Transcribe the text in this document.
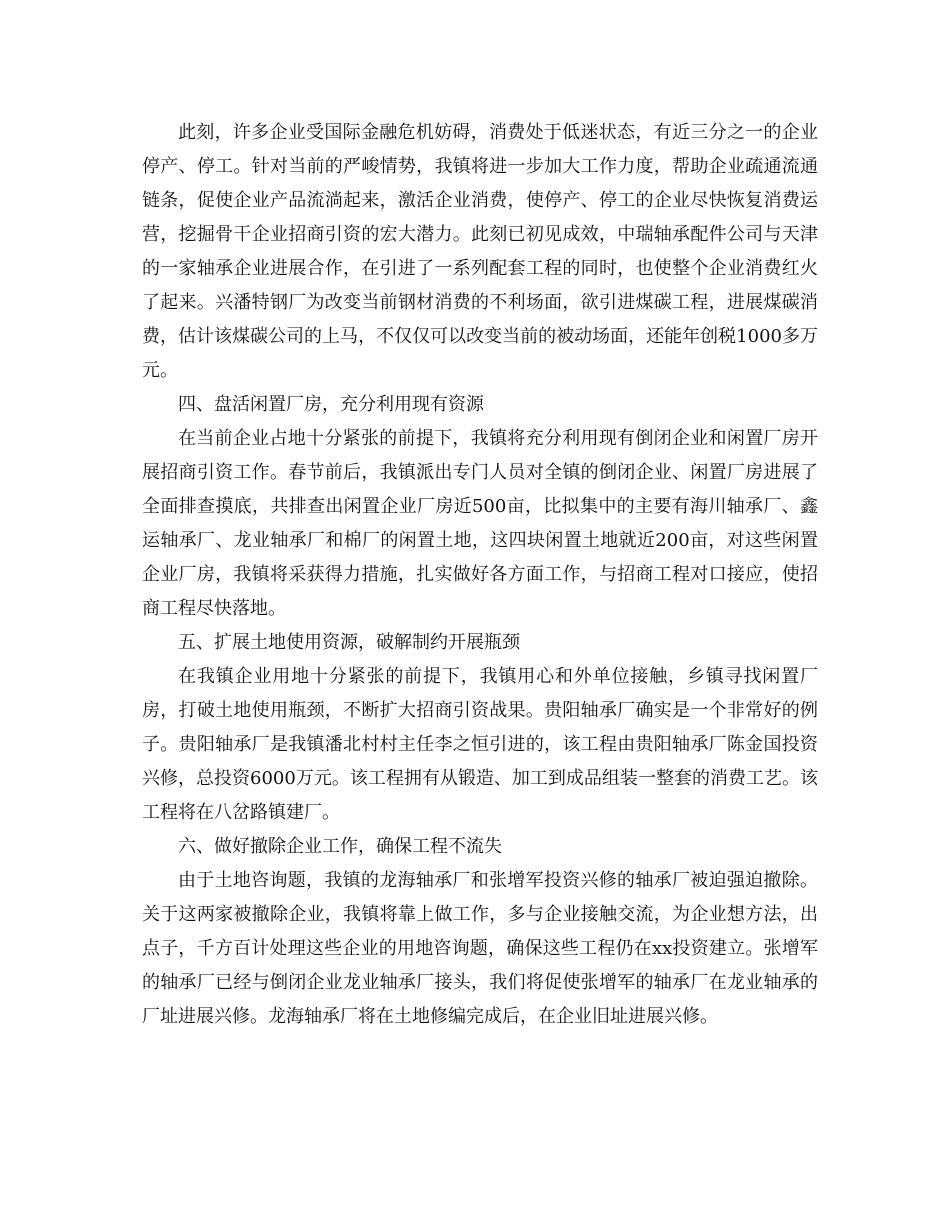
此刻，许多企业受国际金融危机妨碍，消费处于低迷状态，有近三分之一的企业停产、停工。针对当前的严峻情势，我镇将进一步加大工作力度，帮助企业疏通流通链条，促使企业产品流淌起来，激活企业消费，使停产、停工的企业尽快恢复消费运营，挖掘骨干企业招商引资的宏大潜力。此刻已初见成效，中瑞轴承配件公司与天津的一家轴承企业进展合作，在引进了一系列配套工程的同时，也使整个企业消费红火了起来。兴潘特钢厂为改变当前钢材消费的不利场面，欲引进煤碳工程，进展煤碳消费，估计该煤碳公司的上马，不仅仅可以改变当前的被动场面，还能年创税1000多万元。

四、盘活闲置厂房，充分利用现有资源

在当前企业占地十分紧张的前提下，我镇将充分利用现有倒闭企业和闲置厂房开展招商引资工作。春节前后，我镇派出专门人员对全镇的倒闭企业、闲置厂房进展了全面排查摸底，共排查出闲置企业厂房近500亩，比拟集中的主要有海川轴承厂、鑫运轴承厂、龙业轴承厂和棉厂的闲置土地，这四块闲置土地就近200亩，对这些闲置企业厂房，我镇将采获得力措施，扎实做好各方面工作，与招商工程对口接应，使招商工程尽快落地。

五、扩展土地使用资源，破解制约开展瓶颈

在我镇企业用地十分紧张的前提下，我镇用心和外单位接触，乡镇寻找闲置厂房，打破土地使用瓶颈，不断扩大招商引资战果。贵阳轴承厂确实是一个非常好的例子。贵阳轴承厂是我镇潘北村村主任李之恒引进的，该工程由贵阳轴承厂陈金国投资兴修，总投资6000万元。该工程拥有从锻造、加工到成品组装一整套的消费工艺。该工程将在八岔路镇建厂。

六、做好撤除企业工作，确保工程不流失

由于土地咨询题，我镇的龙海轴承厂和张增军投资兴修的轴承厂被迫强迫撤除。关于这两家被撤除企业，我镇将靠上做工作，多与企业接触交流，为企业想方法，出点子，千方百计处理这些企业的用地咨询题，确保这些工程仍在xx投资建立。张增军的轴承厂已经与倒闭企业龙业轴承厂接头，我们将促使张增军的轴承厂在龙业轴承的厂址进展兴修。龙海轴承厂将在土地修编完成后，在企业旧址进展兴修。
